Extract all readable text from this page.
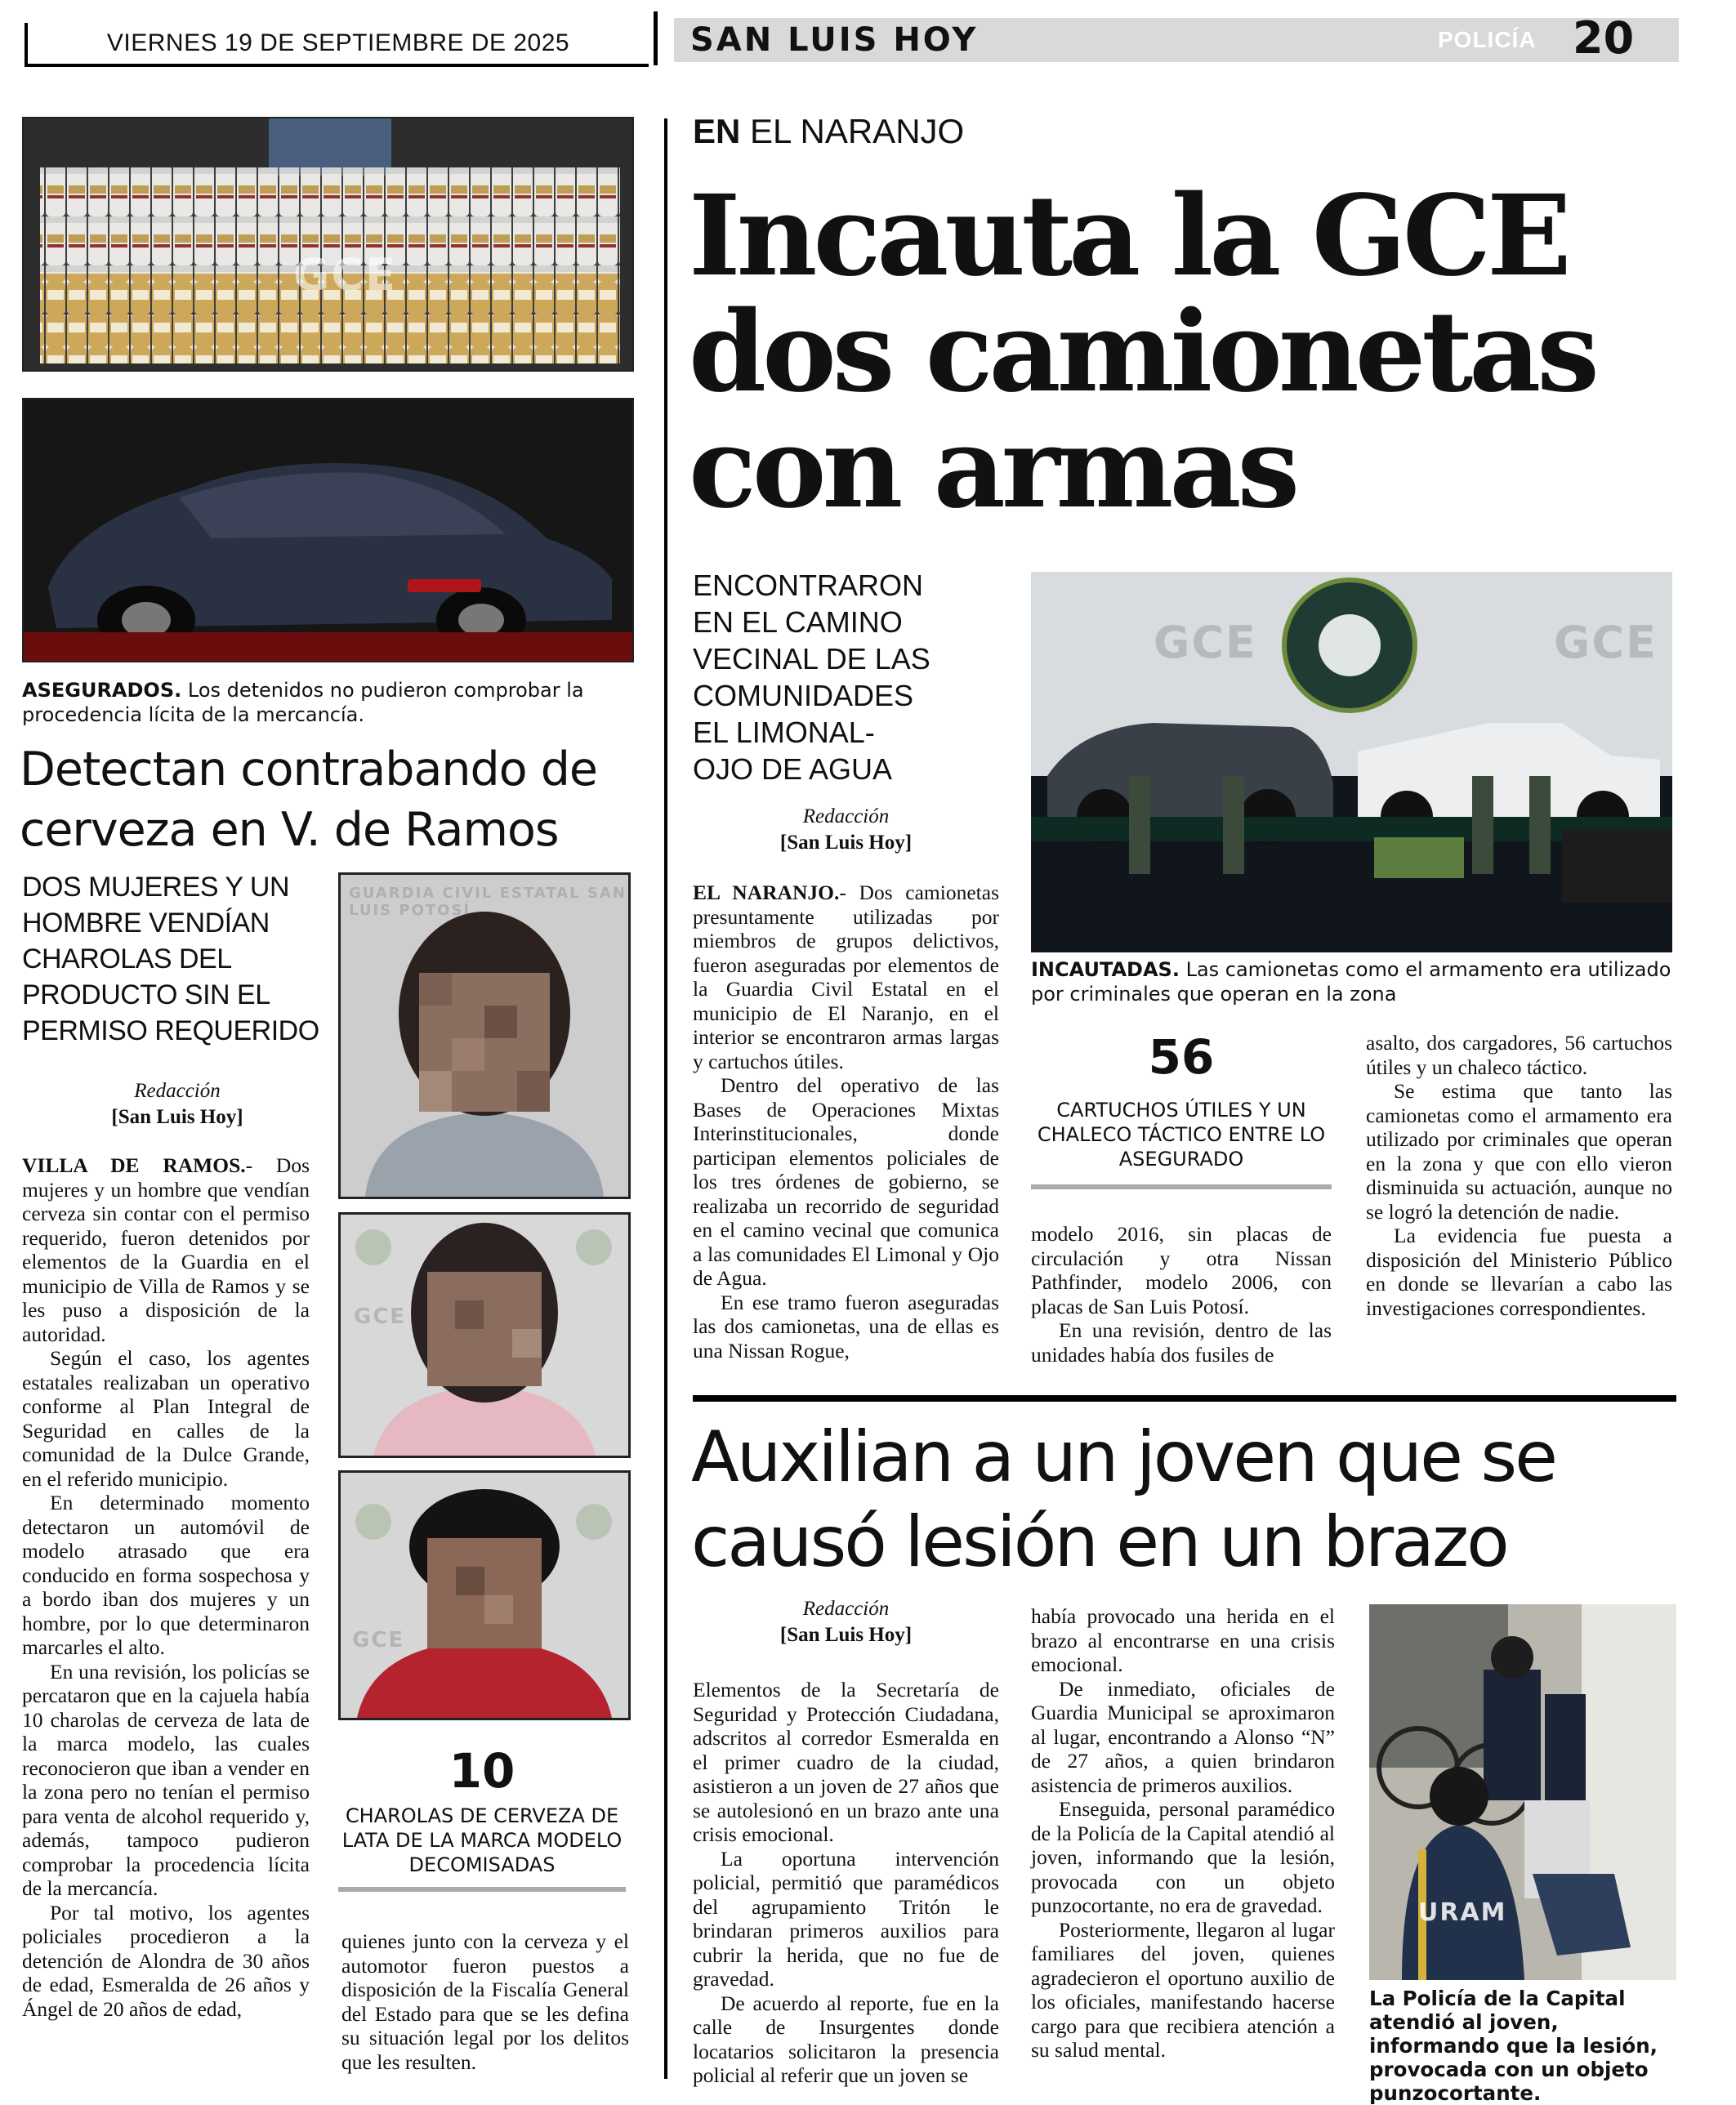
VIERNES 19 DE SEPTIEMBRE DE 2025	SAN LUIS HOY	POLICÍA 20
GCE
ASEGURADOS. Los detenidos no pudieron comprobar la procedencia lícita de la mercancía.
Detectan contrabando de
cerveza en V. de Ramos
DOS MUJERES Y UN
HOMBRE VENDÍAN
CHAROLAS DEL
PRODUCTO SIN EL
PERMISO REQUERIDO
Redacción
[San Luis Hoy]

VILLA DE RAMOS.- Dos mujeres y un hombre que vendían cerveza sin contar con el permiso requerido, fueron detenidos por elementos de la Guardia en el municipio de Villa de Ramos y se les puso a disposición de la autoridad.

Según el caso, los agentes estatales realizaban un operativo conforme al Plan Integral de Seguridad en calles de la comunidad de la Dulce Grande, en el referido municipio.

En determinado momento detectaron un automóvil de modelo atrasado que era conducido en forma sospechosa y a bordo iban dos mujeres y un hombre, por lo que determinaron marcarles el alto.

En una revisión, los policías se percataron que en la cajuela había 10 charolas de cerveza de lata de la marca modelo, las cuales reconocieron que iban a vender en la zona pero no tenían el permiso para venta de alcohol requerido y, además, tampoco pudieron comprobar la procedencia lícita de la mercancía.

Por tal motivo, los agentes policiales procedieron a la detención de Alondra de 30 años de edad, Esmeralda de 26 años y Ángel de 20 años de edad,

GUARDIA CIVIL ESTATAL SAN LUIS POTOSÍ
GCE
GCE
10
CHAROLAS DE CERVEZA DE
LATA DE LA MARCA MODELO
DECOMISADAS

quienes junto con la cerveza y el automotor fueron puestos a disposición de la Fiscalía General del Estado para que se les defina su situación legal por los delitos que les resulten.

EN EL NARANJO
Incauta la GCE
dos camionetas
con armas
ENCONTRARON
EN EL CAMINO
VECINAL DE LAS
COMUNIDADES
EL LIMONAL-
OJO DE AGUA
Redacción
[San Luis Hoy]
GCE	GCE
INCAUTADAS. Las camionetas como el armamento era utilizado por criminales que operan en la zona

EL NARANJO.- Dos camionetas presuntamente utilizadas por miembros de grupos delictivos, fueron aseguradas por elementos de la Guardia Civil Estatal en el municipio de El Naranjo, en el interior se encontraron armas largas y cartuchos útiles.

Dentro del operativo de las Bases de Operaciones Mixtas Interinstitucionales, donde participan elementos policiales de los tres órdenes de gobierno, se realizaba un recorrido de seguridad en el camino vecinal que comunica a las comunidades El Limonal y Ojo de Agua.

En ese tramo fueron aseguradas las dos camionetas, una de ellas es una Nissan Rogue,

56
CARTUCHOS ÚTILES Y UN
CHALECO TÁCTICO ENTRE LO
ASEGURADO

modelo 2016, sin placas de circulación y otra Nissan Pathfinder, modelo 2006, con placas de San Luis Potosí.

En una revisión, dentro de las unidades había dos fusiles de

asalto, dos cargadores, 56 cartuchos útiles y un chaleco táctico.

Se estima que tanto las camionetas como el armamento era utilizado por criminales que operan en la zona y que con ello vieron disminuida su actuación, aunque no se logró la detención de nadie.

La evidencia fue puesta a disposición del Ministerio Público en donde se llevarían a cabo las investigaciones correspondientes.

Auxilian a un joven que se
causó lesión en un brazo
Redacción
[San Luis Hoy]

Elementos de la Secretaría de Seguridad y Protección Ciudadana, adscritos al corredor Esmeralda en el primer cuadro de la ciudad, asistieron a un joven de 27 años que se autolesionó en un brazo ante una crisis emocional.

La oportuna intervención policial, permitió que paramédicos del agrupamiento Tritón le brindaran primeros auxilios para cubrir la herida, que no fue de gravedad.

De acuerdo al reporte, fue en la calle de Insurgentes donde locatarios solicitaron la presencia policial al referir que un joven se

había provocado una herida en el brazo al encontrarse en una crisis emocional.

De inmediato, oficiales de Guardia Municipal se aproximaron al lugar, encontrando a Alonso “N” de 27 años, a quien brindaron asistencia de primeros auxilios.

Enseguida, personal paramédico de la Policía de la Capital atendió al joven, informando que la lesión, provocada con un objeto punzocortante, no era de gravedad.

Posteriormente, llegaron al lugar familiares del joven, quienes agradecieron el oportuno auxilio de los oficiales, manifestando hacerse cargo para que recibiera atención a su salud mental.

URAM
La Policía de la Capital atendió al joven, informando que la lesión, provocada con un objeto punzocortante.
